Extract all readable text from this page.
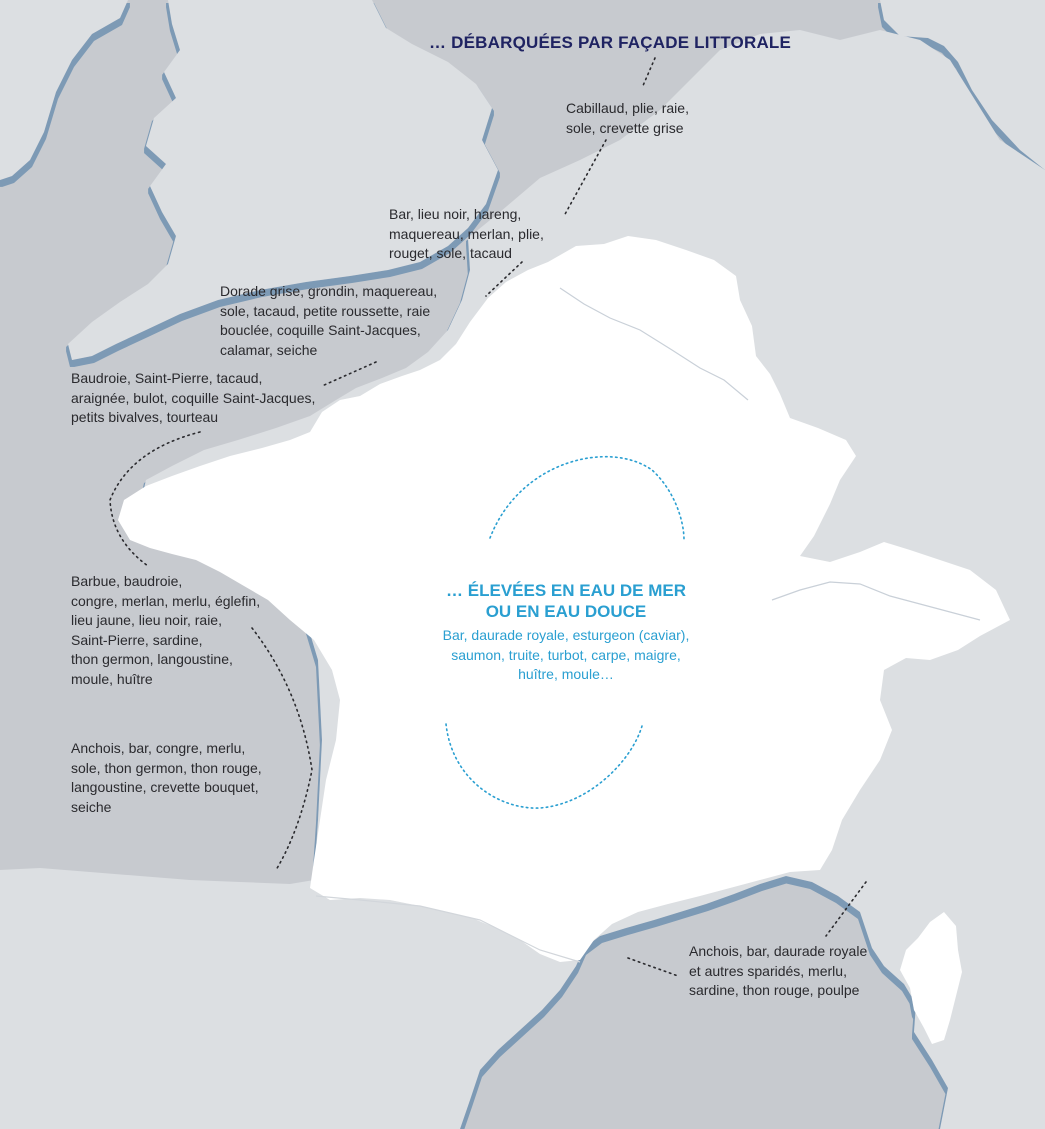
… DÉBARQUÉES PAR FAÇADE LITTORALE
Cabillaud, plie, raie,
sole, crevette grise
Bar, lieu noir, hareng,
maquereau, merlan, plie,
rouget, sole, tacaud
Dorade grise, grondin, maquereau,
sole, tacaud, petite roussette, raie
bouclée, coquille Saint-Jacques,
calamar, seiche
Baudroie, Saint-Pierre, tacaud,
araignée, bulot, coquille Saint-Jacques,
petits bivalves, tourteau
Barbue, baudroie,
congre, merlan, merlu, églefin,
lieu jaune, lieu noir, raie,
Saint-Pierre, sardine,
thon germon, langoustine,
moule, huître
Anchois, bar, congre, merlu,
sole, thon germon, thon rouge,
langoustine, crevette bouquet,
seiche
Anchois, bar, daurade royale
et autres sparidés, merlu,
sardine, thon rouge, poulpe
… ÉLEVÉES EN EAU DE MER
OU EN EAU DOUCE
Bar, daurade royale, esturgeon (caviar),
saumon, truite, turbot, carpe, maigre,
huître, moule…
